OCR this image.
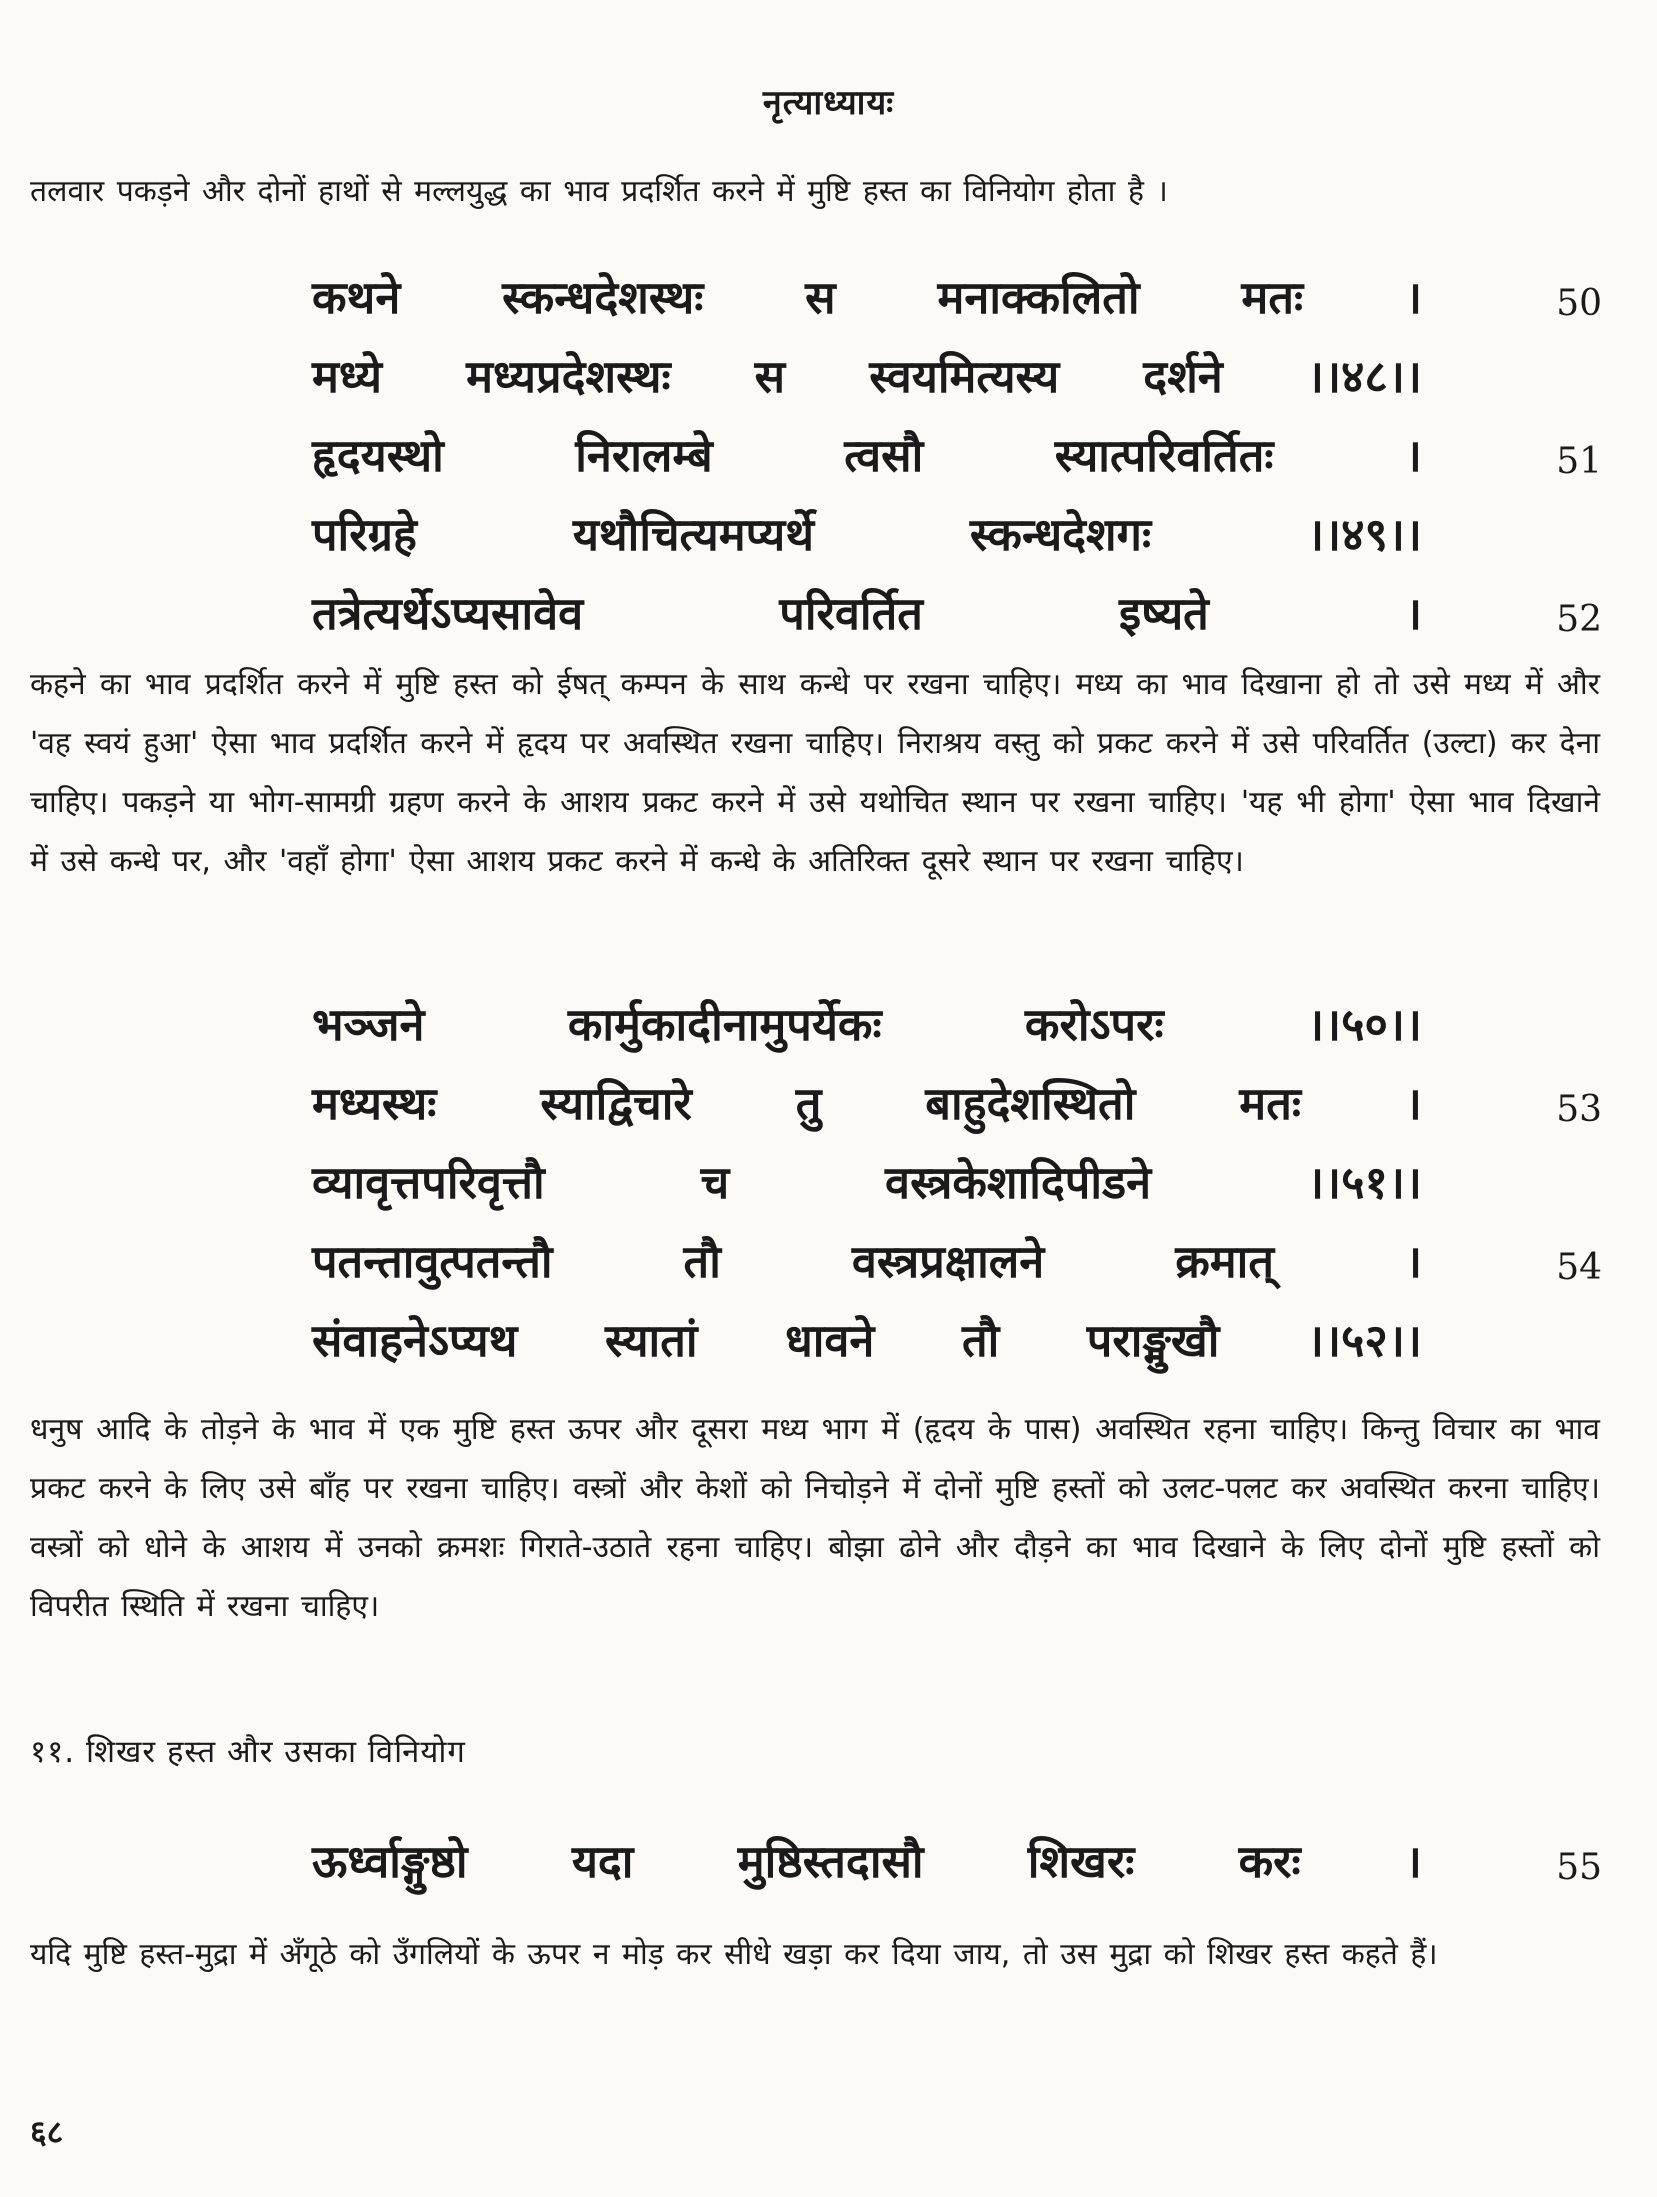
नृत्याध्यायः
तलवार पकड़ने और दोनों हाथों से मल्लयुद्ध का भाव प्रदर्शित करने में मुष्टि हस्त का विनियोग होता है ।
कथने स्कन्धदेशस्थः स मनाक्कलितो मतः ।	50
मध्ये मध्यप्रदेशस्थः स स्वयमित्यस्य दर्शने ।।४८।।
हृदयस्थो	निरालम्बे	त्वसौ	स्यात्परिवर्तितः	।	51
परिग्रहे	यथौचित्यमप्यर्थे	स्कन्धदेशगः	।।४९।।
तत्रेत्यर्थेऽप्यसावेव	परिवर्तित	इष्यते	।	52
कहने का भाव प्रदर्शित करने में मुष्टि हस्त को ईषत् कम्पन के साथ कन्धे पर रखना चाहिए। मध्य का भाव दिखाना हो तो उसे मध्य में और 'वह स्वयं हुआ' ऐसा भाव प्रदर्शित करने में हृदय पर अवस्थित रखना चाहिए। निराश्रय वस्तु को प्रकट करने में उसे परिवर्तित (उल्टा) कर देना चाहिए। पकड़ने या भोग-सामग्री ग्रहण करने के आशय प्रकट करने में उसे यथोचित स्थान पर रखना चाहिए। 'यह भी होगा' ऐसा भाव दिखाने में उसे कन्धे पर, और 'वहाँ होगा' ऐसा आशय प्रकट करने में कन्धे के अतिरिक्त दूसरे स्थान पर रखना चाहिए।
भञ्जने	कार्मुकादीनामुपर्येकः	करोऽपरः	।।५०।।
मध्यस्थः स्याद्विचारे तु बाहुदेशस्थितो मतः ।	53
व्यावृत्तपरिवृत्तौ	च	वस्त्रकेशादिपीडने	।।५१।।
पतन्तावुत्पतन्तौ	तौ	वस्त्रप्रक्षालने	क्रमात्	।	54
संवाहनेऽप्यथ स्यातां धावने तौ पराङ्मुखौ ।।५२।।
धनुष आदि के तोड़ने के भाव में एक मुष्टि हस्त ऊपर और दूसरा मध्य भाग में (हृदय के पास) अवस्थित रहना चाहिए। किन्तु विचार का भाव प्रकट करने के लिए उसे बाँह पर रखना चाहिए। वस्त्रों और केशों को निचोड़ने में दोनों मुष्टि हस्तों को उलट-पलट कर अवस्थित करना चाहिए। वस्त्रों को धोने के आशय में उनको क्रमशः गिराते-उठाते रहना चाहिए। बोझा ढोने और दौड़ने का भाव दिखाने के लिए दोनों मुष्टि हस्तों को विपरीत स्थिति में रखना चाहिए।
११. शिखर हस्त और उसका विनियोग
ऊर्ध्वाङ्गुष्ठो यदा मुष्ठिस्तदासौ शिखरः करः ।	55
यदि मुष्टि हस्त-मुद्रा में अँगूठे को उँगलियों के ऊपर न मोड़ कर सीधे खड़ा कर दिया जाय, तो उस मुद्रा को शिखर हस्त कहते हैं।
६८
